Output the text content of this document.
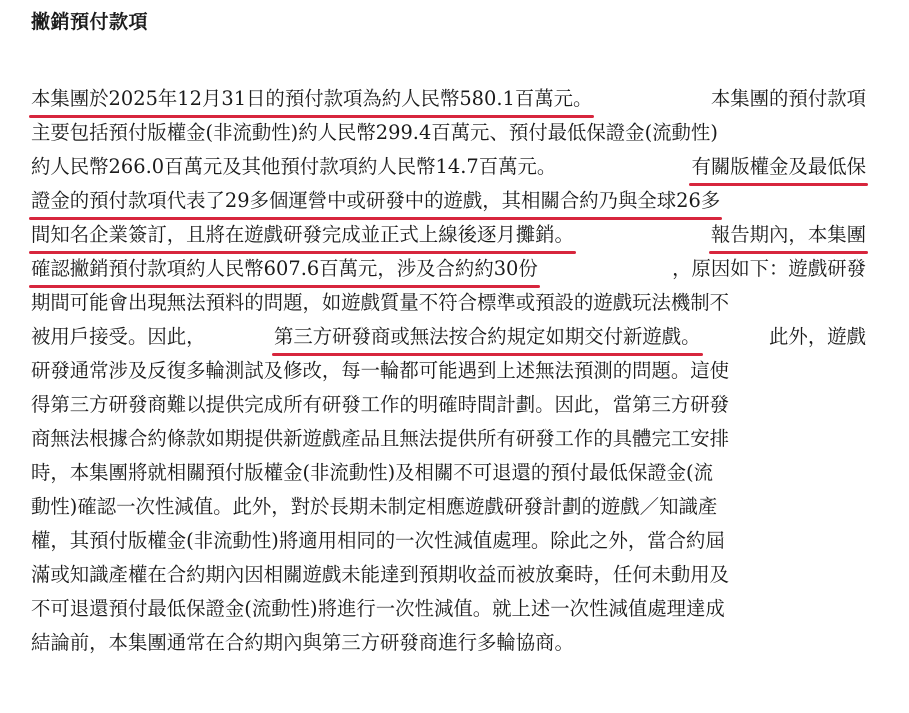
撇銷預付款項
本集團於2025年12月31日的預付款項為約人民幣580.1百萬元。	本集團的預付款項
主要包括預付版權金(非流動性)約人民幣299.4百萬元、預付最低保證金(流動性)
約人民幣266.0百萬元及其他預付款項約人民幣14.7百萬元。	有關版權金及最低保
證金的預付款項代表了29多個運營中或研發中的遊戲，其相關合約乃與全球26多
間知名企業簽訂，且將在遊戲研發完成並正式上線後逐月攤銷。	報告期內，本集團
確認撇銷預付款項約人民幣607.6百萬元，涉及合約約30份	，原因如下：遊戲研發
期間可能會出現無法預料的問題，如遊戲質量不符合標準或預設的遊戲玩法機制不
被用戶接受。因此，	第三方研發商或無法按合約規定如期交付新遊戲。	此外，遊戲
研發通常涉及反復多輪測試及修改，每一輪都可能遇到上述無法預測的問題。這使
得第三方研發商難以提供完成所有研發工作的明確時間計劃。因此，當第三方研發
商無法根據合約條款如期提供新遊戲產品且無法提供所有研發工作的具體完工安排
時，本集團將就相關預付版權金(非流動性)及相關不可退還的預付最低保證金(流
動性)確認一次性減值。此外，對於長期未制定相應遊戲研發計劃的遊戲／知識產
權，其預付版權金(非流動性)將適用相同的一次性減值處理。除此之外，當合約屆
滿或知識產權在合約期內因相關遊戲未能達到預期收益而被放棄時，任何未動用及
不可退還預付最低保證金(流動性)將進行一次性減值。就上述一次性減值處理達成
結論前，本集團通常在合約期內與第三方研發商進行多輪協商。
